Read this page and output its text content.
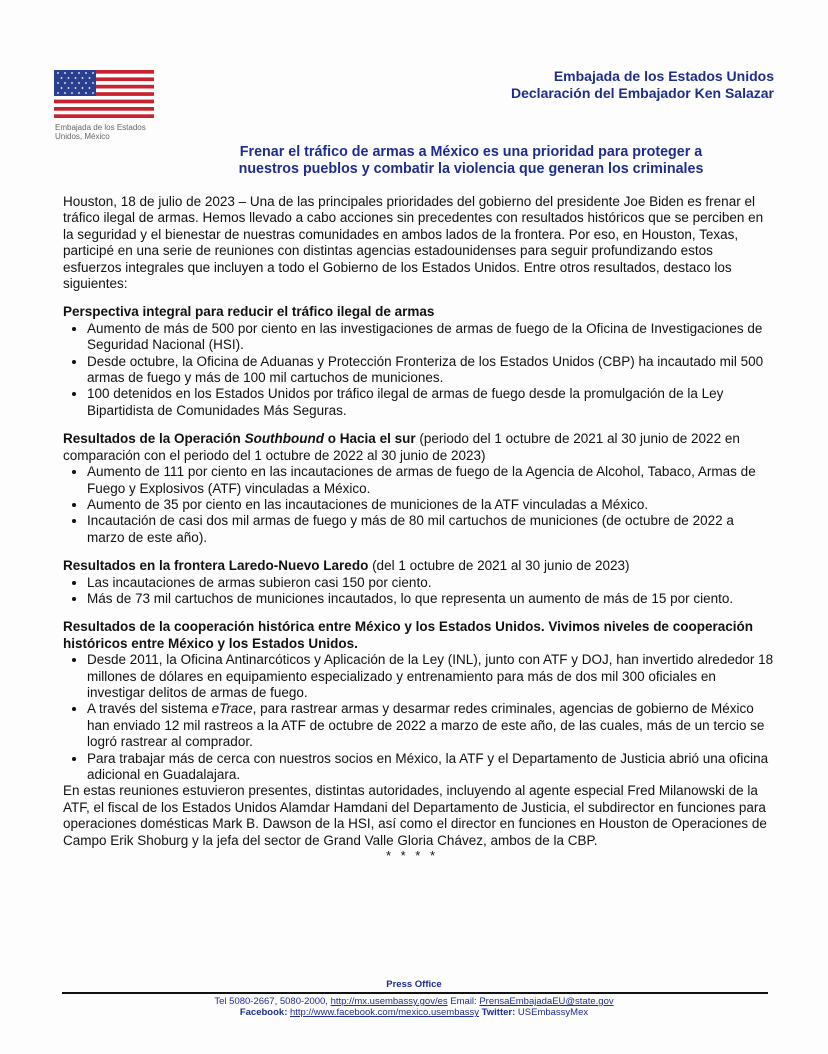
Embajada de los Estados
Unidos, México
Embajada de los Estados Unidos
Declaración del Embajador Ken Salazar
Frenar el tráfico de armas a México es una prioridad para proteger a
nuestros pueblos y combatir la violencia que generan los criminales

Houston, 18 de julio de 2023 – Una de las principales prioridades del gobierno del presidente Joe Biden es frenar el tráfico ilegal de armas. Hemos llevado a cabo acciones sin precedentes con resultados históricos que se perciben en la seguridad y el bienestar de nuestras comunidades en ambos lados de la frontera. Por eso, en Houston, Texas, participé en una serie de reuniones con distintas agencias estadounidenses para seguir profundizando estos esfuerzos integrales que incluyen a todo el Gobierno de los Estados Unidos. Entre otros resultados, destaco los siguientes:

Perspectiva integral para reducir el tráfico ilegal de armas
• Aumento de más de 500 por ciento en las investigaciones de armas de fuego de la Oficina de Investigaciones de Seguridad Nacional (HSI).
• Desde octubre, la Oficina de Aduanas y Protección Fronteriza de los Estados Unidos (CBP) ha incautado mil 500 armas de fuego y más de 100 mil cartuchos de municiones.
• 100 detenidos en los Estados Unidos por tráfico ilegal de armas de fuego desde la promulgación de la Ley Bipartidista de Comunidades Más Seguras.
Resultados de la Operación Southbound o Hacia el sur (periodo del 1 octubre de 2021 al 30 junio de 2022 en comparación con el periodo del 1 octubre de 2022 al 30 junio de 2023)
• Aumento de 111 por ciento en las incautaciones de armas de fuego de la Agencia de Alcohol, Tabaco, Armas de Fuego y Explosivos (ATF) vinculadas a México.
• Aumento de 35 por ciento en las incautaciones de municiones de la ATF vinculadas a México.
• Incautación de casi dos mil armas de fuego y más de 80 mil cartuchos de municiones (de octubre de 2022 a marzo de este año).
Resultados en la frontera Laredo-Nuevo Laredo (del 1 octubre de 2021 al 30 junio de 2023)
• Las incautaciones de armas subieron casi 150 por ciento.
• Más de 73 mil cartuchos de municiones incautados, lo que representa un aumento de más de 15 por ciento.
Resultados de la cooperación histórica entre México y los Estados Unidos. Vivimos niveles de cooperación históricos entre México y los Estados Unidos.
• Desde 2011, la Oficina Antinarcóticos y Aplicación de la Ley (INL), junto con ATF y DOJ, han invertido alrededor 18 millones de dólares en equipamiento especializado y entrenamiento para más de dos mil 300 oficiales en investigar delitos de armas de fuego.
• A través del sistema eTrace, para rastrear armas y desarmar redes criminales, agencias de gobierno de México han enviado 12 mil rastreos a la ATF de octubre de 2022 a marzo de este año, de las cuales, más de un tercio se logró rastrear al comprador.
• Para trabajar más de cerca con nuestros socios en México, la ATF y el Departamento de Justicia abrió una oficina adicional en Guadalajara.

En estas reuniones estuvieron presentes, distintas autoridades, incluyendo al agente especial Fred Milanowski de la ATF, el fiscal de los Estados Unidos Alamdar Hamdani del Departamento de Justicia, el subdirector en funciones para operaciones domésticas Mark B. Dawson de la HSI, así como el director en funciones en Houston de Operaciones de Campo Erik Shoburg y la jefa del sector de Grand Valle Gloria Chávez, ambos de la CBP.

* * * *
Press Office
Tel 5080-2667, 5080-2000, http://mx.usembassy.gov/es Email: PrensaEmbajadaEU@state.gov
Facebook: http://www.facebook.com/mexico.usembassy Twitter: USEmbassyMex
